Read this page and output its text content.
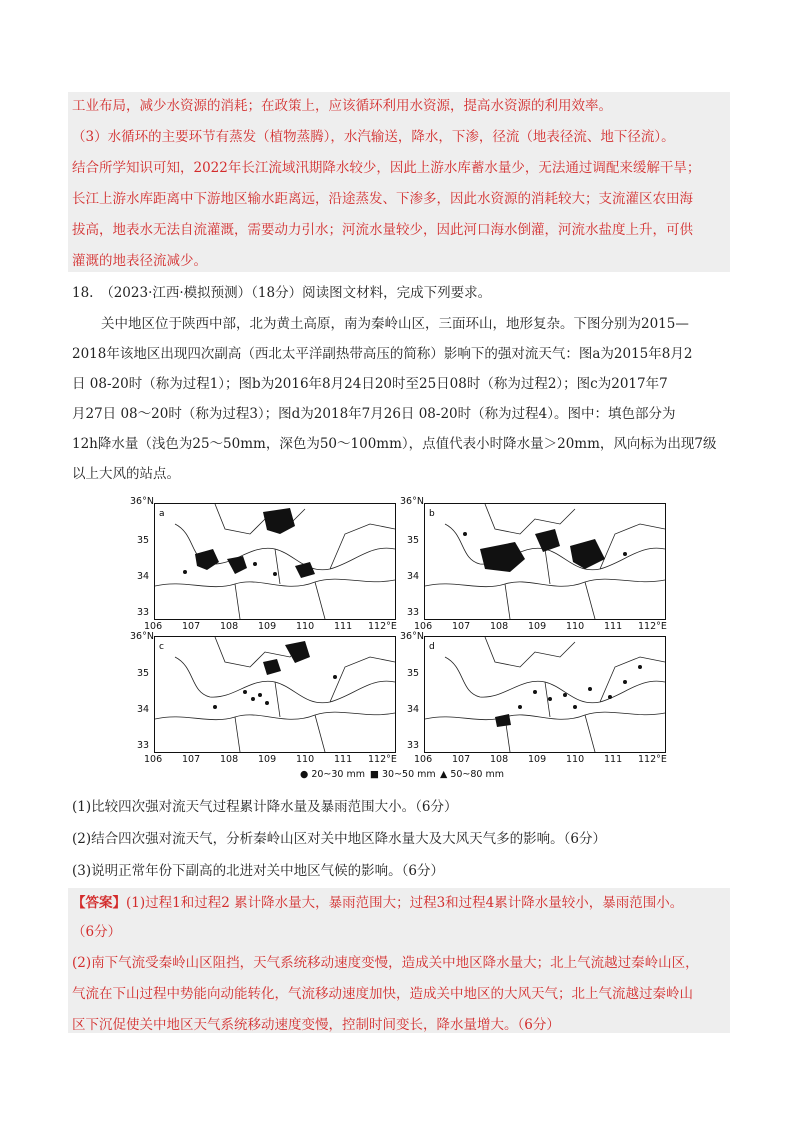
工业布局，减少水资源的消耗；在政策上，应该循环利用水资源，提高水资源的利用效率。
（3）水循环的主要环节有蒸发（植物蒸腾），水汽输送，降水，下渗，径流（地表径流、地下径流）。
结合所学知识可知，2022年长江流域汛期降水较少，因此上游水库蓄水量少，无法通过调配来缓解干旱；
长江上游水库距离中下游地区输水距离远，沿途蒸发、下渗多，因此水资源的消耗较大；支流灌区农田海
拔高，地表水无法自流灌溉，需要动力引水；河流水量较少，因此河口海水倒灌，河流水盐度上升，可供
灌溉的地表径流减少。
18.　（2023·江西·模拟预测）（18分）阅读图文材料，完成下列要求。
关中地区位于陕西中部，北为黄土高原，南为秦岭山区，三面环山，地形复杂。下图分别为2015—
2018年该地区出现四次副高（西北太平洋副热带高压的简称）影响下的强对流天气：图a为2015年8月2
日 08-20时（称为过程1）；图b为2016年8月24日20时至25日08时（称为过程2）；图c为2017年7
月27日 08～20时（称为过程3）；图d为2018年7月26日 08-20时（称为过程4）。图中：填色部分为
12h降水量（浅色为25～50mm，深色为50～100mm），点值代表小时降水量＞20mm，风向标为出现7级
以上大风的站点。
36°N
a
36°N
b
35
34
33
35
34
33
106 107 108 109 110 111 112°E 106 107 108 109 110 111 112°E
36°N
c
36°N
d
35
34
33
35
34
33
106 107 108 109 110 111 112°E 106 107 108 109 110 111 112°E
● 20~30 mm ■ 30~50 mm ▲ 50~80 mm
(1)比较四次强对流天气过程累计降水量及暴雨范围大小。（6分）
(2)结合四次强对流天气，分析秦岭山区对关中地区降水量大及大风天气多的影响。（6分）
(3)说明正常年份下副高的北进对关中地区气候的影响。（6分）
【答案】(1)过程1和过程2 累计降水量大，暴雨范围大；过程3和过程4累计降水量较小，暴雨范围小。
（6分）
(2)南下气流受秦岭山区阻挡，天气系统移动速度变慢，造成关中地区降水量大；北上气流越过秦岭山区，
气流在下山过程中势能向动能转化，气流移动速度加快，造成关中地区的大风天气；北上气流越过秦岭山
区下沉促使关中地区天气系统移动速度变慢，控制时间变长，降水量增大。（6分）
